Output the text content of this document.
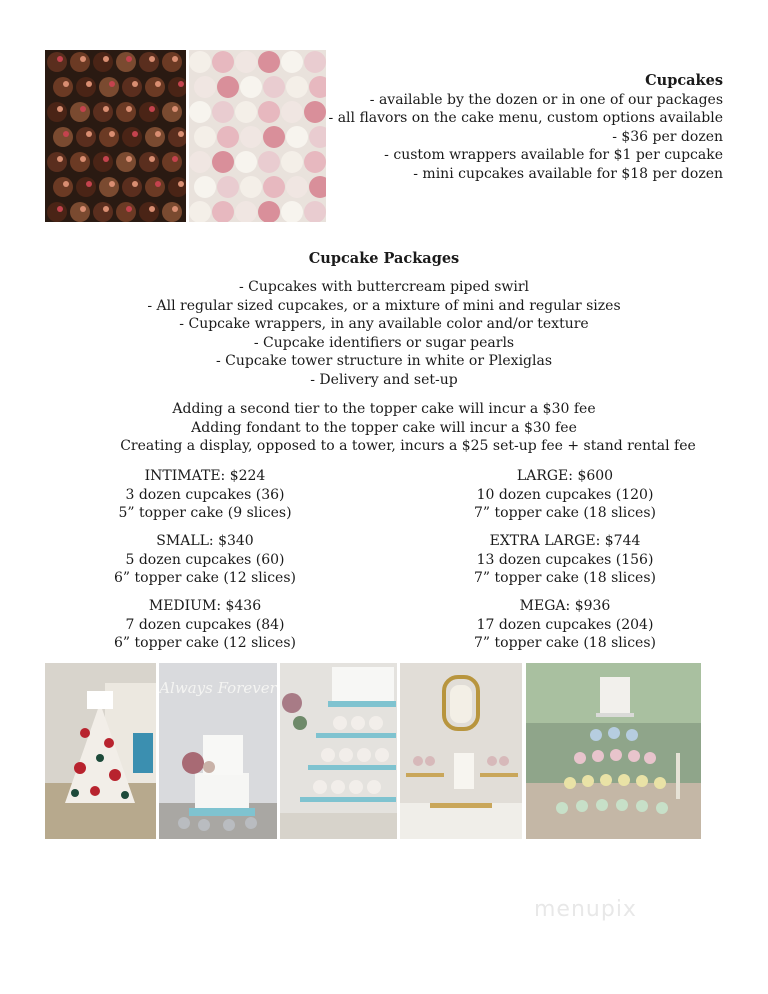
Cupcakes
- available by the dozen or in one of our packages
- all flavors on the cake menu, custom options available
- $36 per dozen
- custom wrappers available for $1 per cupcake
- mini cupcakes available for $18 per dozen
Cupcake Packages
- Cupcakes with buttercream piped swirl
- All regular sized cupcakes, or a mixture of mini and regular sizes
- Cupcake wrappers, in any available color and/or texture
- Cupcake identifiers or sugar pearls
- Cupcake tower structure in white or Plexiglas
- Delivery and set-up
Adding a second tier to the topper cake will incur a $30 fee
Adding fondant to the topper cake will incur a $30 fee
Creating a display, opposed to a tower, incurs a $25 set-up fee + stand rental fee
INTIMATE: $224
3 dozen cupcakes (36)
5” topper cake (9 slices)
SMALL: $340
5 dozen cupcakes (60)
6” topper cake (12 slices)
MEDIUM: $436
7 dozen cupcakes (84)
6” topper cake (12 slices)
LARGE: $600
10 dozen cupcakes (120)
7” topper cake (18 slices)
EXTRA LARGE: $744
13 dozen cupcakes (156)
7” topper cake (18 slices)
MEGA: $936
17 dozen cupcakes (204)
7” topper cake (18 slices)
Always Forever
menupix
